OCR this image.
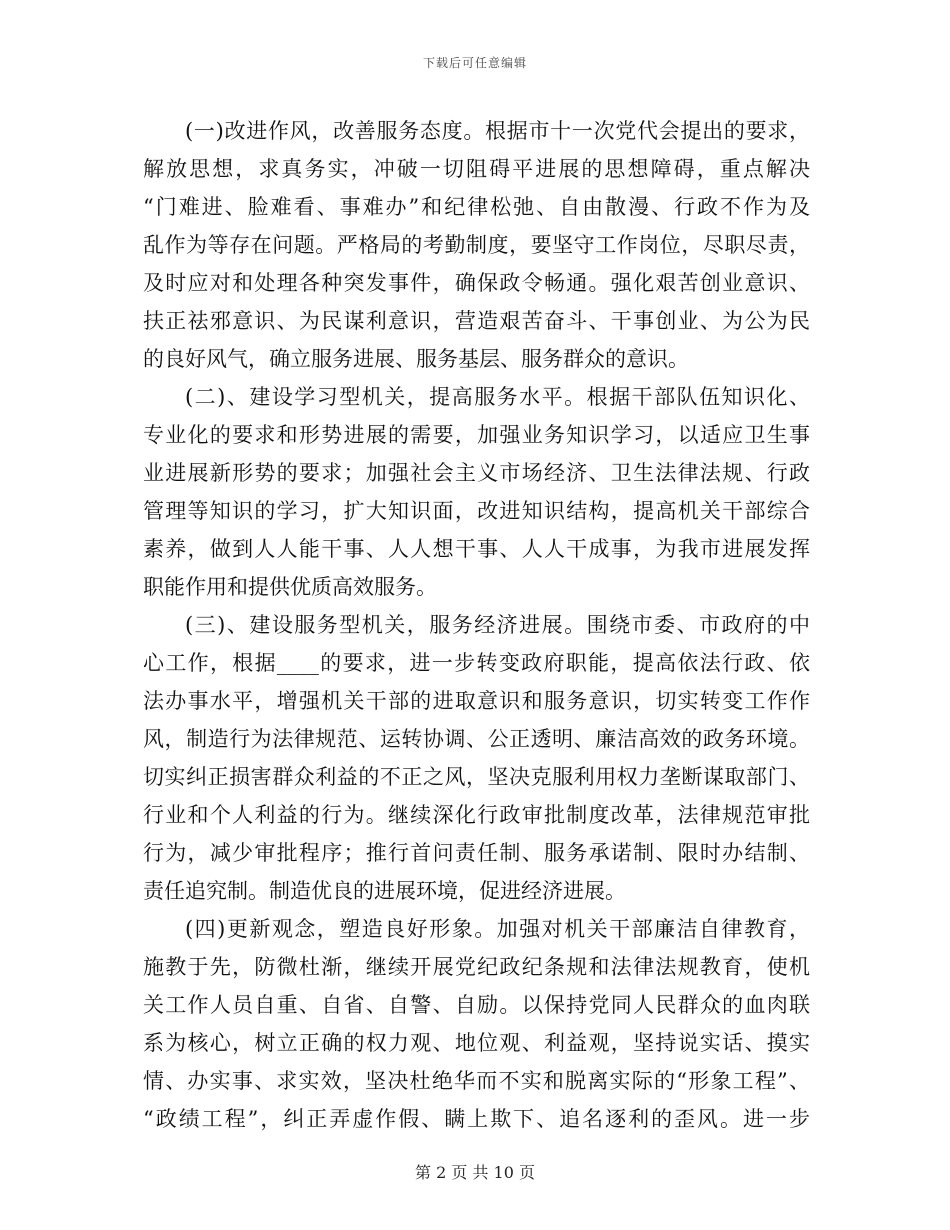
下载后可任意编辑
(一)改进作风，改善服务态度。根据市十一次党代会提出的要求，
解放思想，求真务实，冲破一切阻碍平进展的思想障碍，重点解决
“门难进、脸难看、事难办”和纪律松弛、自由散漫、行政不作为及
乱作为等存在问题。严格局的考勤制度，要坚守工作岗位，尽职尽责，
及时应对和处理各种突发事件，确保政令畅通。强化艰苦创业意识、
扶正祛邪意识、为民谋利意识，营造艰苦奋斗、干事创业、为公为民
的良好风气，确立服务进展、服务基层、服务群众的意识。
(二)、建设学习型机关，提高服务水平。根据干部队伍知识化、
专业化的要求和形势进展的需要，加强业务知识学习，以适应卫生事
业进展新形势的要求；加强社会主义市场经济、卫生法律法规、行政
管理等知识的学习，扩大知识面，改进知识结构，提高机关干部综合
素养，做到人人能干事、人人想干事、人人干成事，为我市进展发挥
职能作用和提供优质高效服务。
(三)、建设服务型机关，服务经济进展。围绕市委、市政府的中
心工作，根据____的要求，进一步转变政府职能，提高依法行政、依
法办事水平，增强机关干部的进取意识和服务意识，切实转变工作作
风，制造行为法律规范、运转协调、公正透明、廉洁高效的政务环境。
切实纠正损害群众利益的不正之风，坚决克服利用权力垄断谋取部门、
行业和个人利益的行为。继续深化行政审批制度改革，法律规范审批
行为，减少审批程序；推行首问责任制、服务承诺制、限时办结制、
责任追究制。制造优良的进展环境，促进经济进展。
(四)更新观念，塑造良好形象。加强对机关干部廉洁自律教育，
施教于先，防微杜渐，继续开展党纪政纪条规和法律法规教育，使机
关工作人员自重、自省、自警、自励。以保持党同人民群众的血肉联
系为核心，树立正确的权力观、地位观、利益观，坚持说实话、摸实
情、办实事、求实效，坚决杜绝华而不实和脱离实际的“形象工程”、
“政绩工程”，纠正弄虚作假、瞒上欺下、追名逐利的歪风。进一步
第 2 页 共 10 页
